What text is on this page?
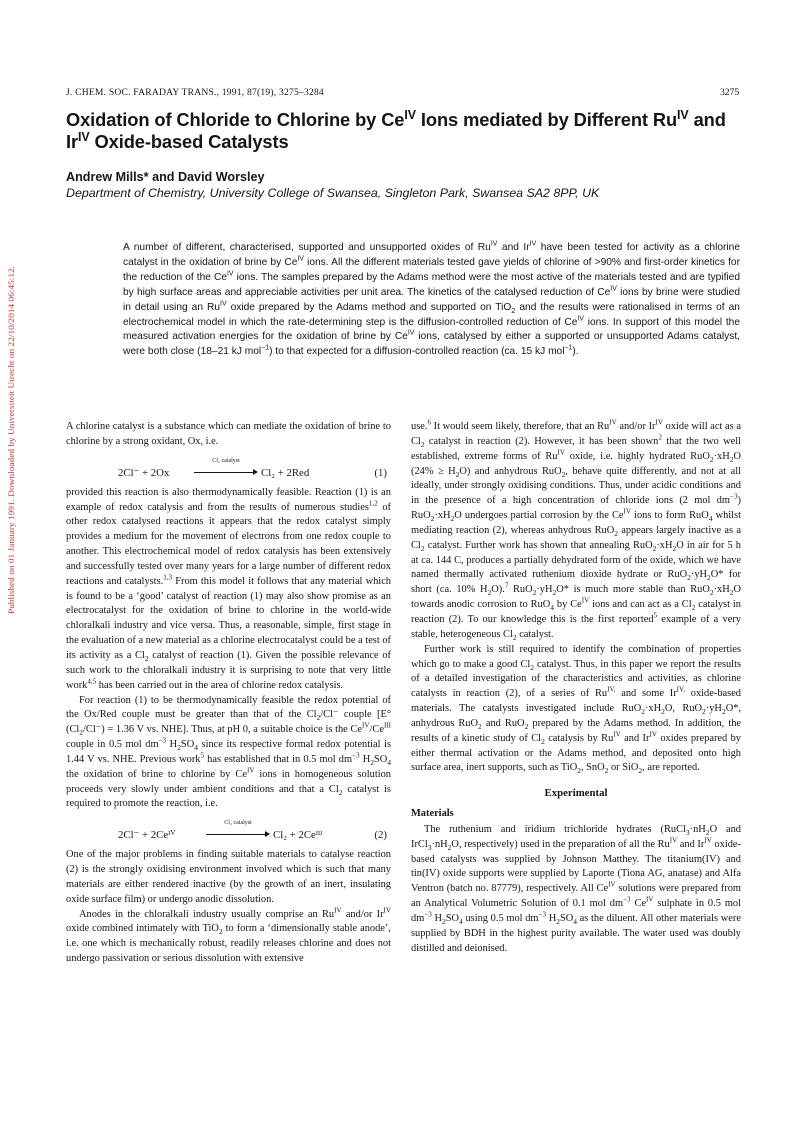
J. CHEM. SOC. FARADAY TRANS., 1991, 87(19), 3275–3284	3275
Oxidation of Chloride to Chlorine by $Ce^{IV}$ Ions mediated by Different $Ru^{IV}$ and $Ir^{IV}$ Oxide-based Catalysts
Andrew Mills* and David Worsley
Department of Chemistry, University College of Swansea, Singleton Park, Swansea SA2 8PP, UK

A number of different, characterised, supported and unsupported oxides of $Ru^{IV}$ and $Ir^{IV}$ have been tested for activity as a chlorine catalyst in the oxidation of brine by $Ce^{IV}$ ions. All the different materials tested gave yields of chlorine of >90% and first-order kinetics for the reduction of the $Ce^{IV}$ ions. The samples prepared by the Adams method were the most active of the materials tested and are typified by high surface areas and appreciable activities per unit area. The kinetics of the catalysed reduction of $Ce^{IV}$ ions by brine were studied in detail using an $Ru^{IV}$ oxide prepared by the Adams method and supported on TiO$_2$ and the results were rationalised in terms of an electrochemical model in which the rate-determining step is the diffusion-controlled reduction of $Ce^{IV}$ ions. In support of this model the measured activation energies for the oxidation of brine by $Ce^{IV}$ ions, catalysed by either a supported or unsupported Adams catalyst, were both close (18–21 kJ mol$^{-1}$) to that expected for a diffusion-controlled reaction (ca. 15 kJ mol$^{-1}$).

Published on 01 January 1991. Downloaded by Universiteit Utrecht on 22/10/2014 06:45:12.	A chlorine catalyst is a substance which can mediate the oxidation of brine to chlorine by a strong oxidant, Ox, i.e.

2Cl⁻ + 2Ox
Cl₂ catalyst
Cl₂ + 2Red	(1)

provided this reaction is also thermodynamically feasible. Reaction (1) is an example of redox catalysis and from the results of numerous studies$^{1,2}$ of other redox catalysed reactions it appears that the redox catalyst simply provides a medium for the movement of electrons from one redox couple to another. This electrochemical model of redox catalysis has been extensively and successfully tested over many years for a large number of different redox reactions and catalysts.$^{1,3}$ From this model it follows that any material which is found to be a ‘good’ catalyst of reaction (1) may also show promise as an electrocatalyst for the oxidation of brine to chlorine in the world-wide chloralkali industry and vice versa. Thus, a reasonable, simple, first stage in the evaluation of a new material as a chlorine electrocatalyst could be a test of its activity as a $Cl_2$ catalyst of reaction (1). Given the possible relevance of such work to the chloralkali industry it is surprising to note that very little work$^{4,5}$ has been carried out in the area of chlorine redox catalysis.

For reaction (1) to be thermodynamically feasible the redox potential of the Ox/Red couple must be greater than that of the $Cl_2/Cl^-$ couple [E° $(Cl_2/Cl^-) = 1.36$ V vs. NHE]. Thus, at pH 0, a suitable choice is the $Ce^{IV}/Ce^{III}$ couple in 0.5 mol $dm^{-3}$ $H_2SO_4$ since its respective formal redox potential is 1.44 V vs. NHE. Previous work$^5$ has established that in 0.5 mol $dm^{-3}$ $H_2SO_4$ the oxidation of brine to chlorine by $Ce^{IV}$ ions in homogeneous solution proceeds very slowly under ambient conditions and that a $Cl_2$ catalyst is required to promote the reaction, i.e.

2Cl⁻ + 2Ceᴵⱽ
Cl₂ catalyst
Cl₂ + 2Ceᴵᴵᴵ	(2)

One of the major problems in finding suitable materials to catalyse reaction (2) is the strongly oxidising environment involved which is such that many materials are either rendered inactive (by the growth of an inert, insulating oxide surface film) or undergo anodic dissolution.

Anodes in the chloralkali industry usually comprise an $Ru^{IV}$ and/or $Ir^{IV}$ oxide combined intimately with TiO$_2$ to form a ‘dimensionally stable anode’, i.e. one which is mechanically robust, readily releases chlorine and does not undergo passivation or serious dissolution with extensive

use.$^6$ It would seem likely, therefore, that an $Ru^{IV}$ and/or $Ir^{IV}$ oxide will act as a $Cl_2$ catalyst in reaction (2). However, it has been shown$^2$ that the two well established, extreme forms of $Ru^{IV}$ oxide, i.e. highly hydrated $RuO_2\cdot xH_2O$ $(24\% \ge H_2O)$ and anhydrous RuO$_2$, behave quite differently, and not at all ideally, under strongly oxidising conditions. Thus, under acidic conditions and in the presence of a high concentration of chloride ions (2 mol $dm^{-3}$) $RuO_2\cdot xH_2O$ undergoes partial corrosion by the $Ce^{IV}$ ions to form RuO$_4$ whilst mediating reaction (2), whereas anhydrous RuO$_2$ appears largely inactive as a $Cl_2$ catalyst. Further work has shown that annealing $RuO_2\cdot xH_2O$ in air for 5 h at ca. 144 C, produces a partially dehydrated form of the oxide, which we have named thermally activated ruthenium dioxide hydrate or $RuO_2\cdot yH_2O*$ for short (ca. 10% $H_2O).^7$ $RuO_2\cdot yH_2O*$ is much more stable than $RuO_2\cdot xH_2O$ towards anodic corrosion to RuO$_4$ by $Ce^{IV}$ ions and can act as a $Cl_2$ catalyst in reaction (2). To our knowledge this is the first reported$^5$ example of a very stable, heterogeneous $Cl_2$ catalyst.

Further work is still required to identify the combination of properties which go to make a good $Cl_2$ catalyst. Thus, in this paper we report the results of a detailed investigation of the characteristics and activities, as chlorine catalysts in reaction (2), of a series of $Ru^{IV,}$ and some $Ir^{IV,}$ oxide-based materials. The catalysts investigated include $RuO_2\cdot xH_2O$, $RuO_2\cdot yH_2O*$, anhydrous RuO$_2$ and RuO$_2$ prepared by the Adams method. In addition, the results of a kinetic study of $Cl_2$ catalysis by $Ru^{IV}$ and $Ir^{IV}$ oxides prepared by either thermal activation or the Adams method, and deposited onto high surface area, inert supports, such as TiO$_2$, SnO$_2$ or SiO$_2$, are reported.

Experimental
Materials

The ruthenium and iridium trichloride hydrates ($RuCl_3\cdot nH_2O$ and $IrCl_3\cdot nH_2O$, respectively) used in the preparation of all the $Ru^{IV}$ and $Ir^{IV}$ oxide-based catalysts was supplied by Johnson Matthey. The titanium(IV) and tin(IV) oxide supports were supplied by Laporte (Tiona AG, anatase) and Alfa Ventron (batch no. 87779), respectively. All $Ce^{IV}$ solutions were prepared from an Analytical Volumetric Solution of 0.1 mol $dm^{-3}$ $Ce^{IV}$ sulphate in 0.5 mol $dm^{-3}$ $H_2SO_4$ using 0.5 mol $dm^{-3}$ $H_2SO_4$ as the diluent. All other materials were supplied by BDH in the highest purity available. The water used was doubly distilled and deionised.
